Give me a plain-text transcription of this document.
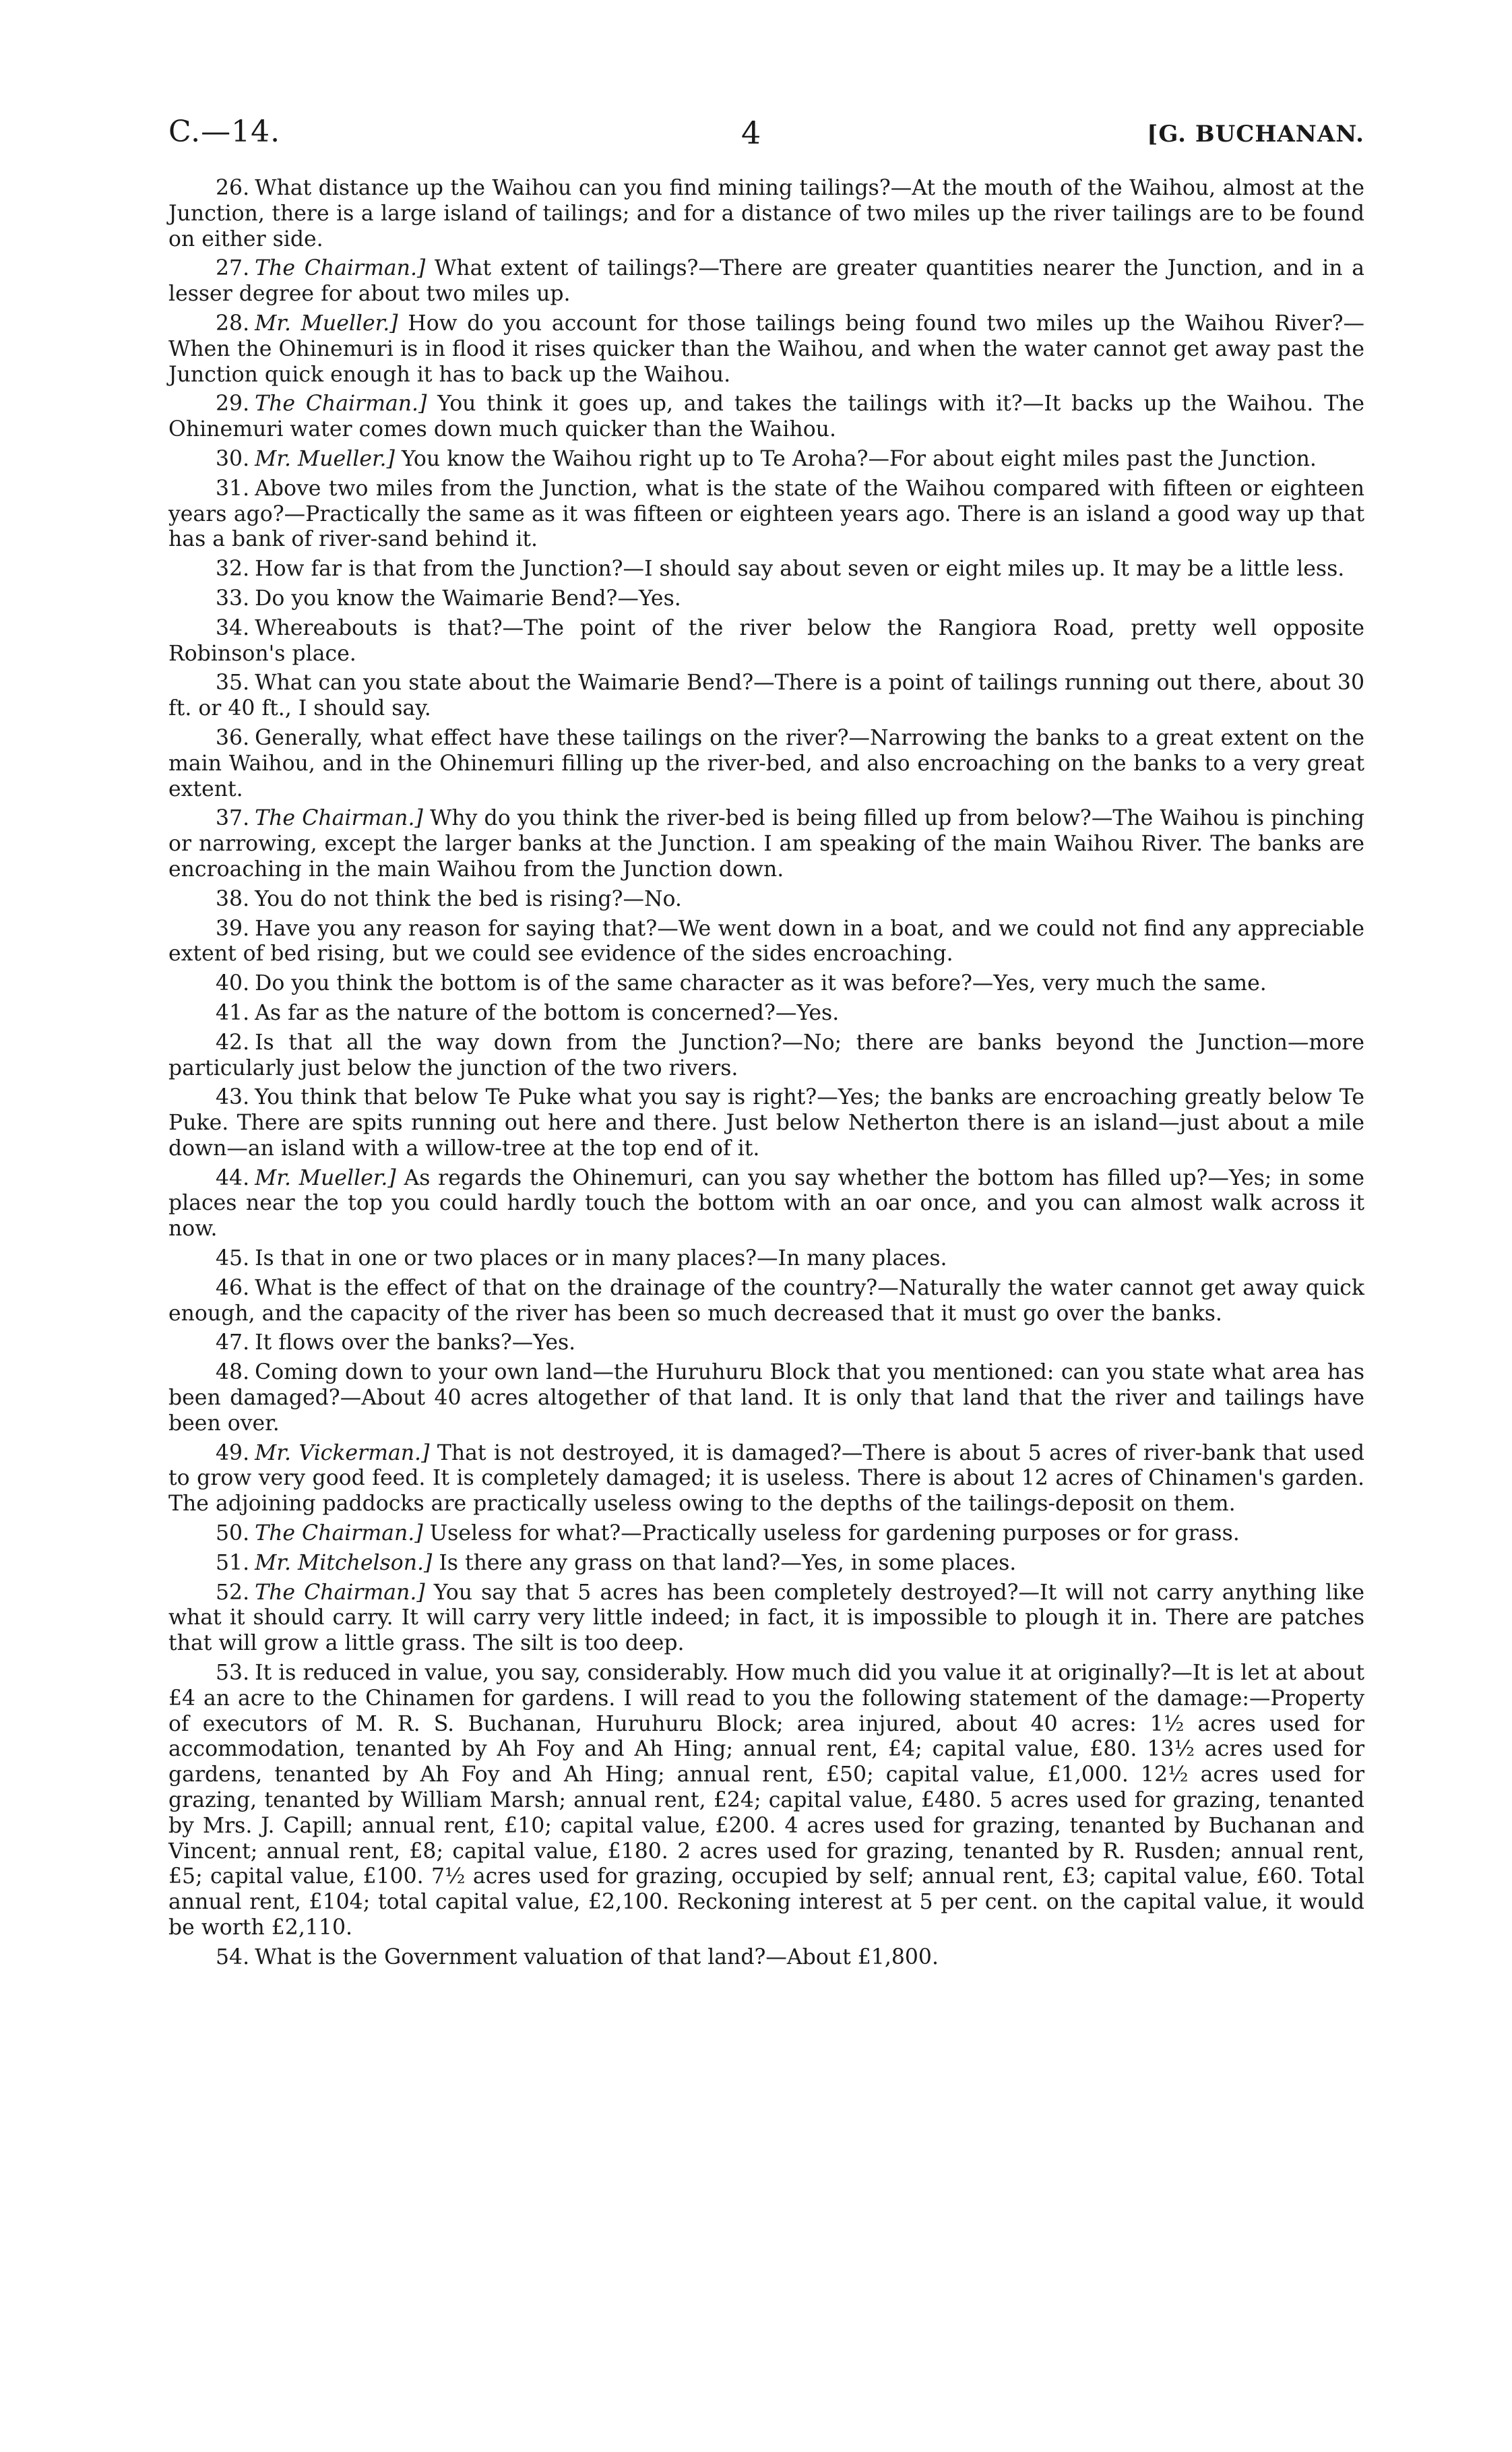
C.—14.	4	[G. BUCHANAN.

26. What distance up the Waihou can you find mining tailings?—At the mouth of the Waihou, almost at the Junction, there is a large island of tailings; and for a distance of two miles up the river tailings are to be found on either side.

27. The Chairman.] What extent of tailings?—There are greater quantities nearer the Junction, and in a lesser degree for about two miles up.

28. Mr. Mueller.] How do you account for those tailings being found two miles up the Waihou River?—When the Ohinemuri is in flood it rises quicker than the Waihou, and when the water cannot get away past the Junction quick enough it has to back up the Waihou.

29. The Chairman.] You think it goes up, and takes the tailings with it?—It backs up the Waihou. The Ohinemuri water comes down much quicker than the Waihou.

30. Mr. Mueller.] You know the Waihou right up to Te Aroha?—For about eight miles past the Junction.

31. Above two miles from the Junction, what is the state of the Waihou compared with fifteen or eighteen years ago?—Practically the same as it was fifteen or eighteen years ago. There is an island a good way up that has a bank of river-sand behind it.

32. How far is that from the Junction?—I should say about seven or eight miles up. It may be a little less.

33. Do you know the Waimarie Bend?—Yes.

34. Whereabouts is that?—The point of the river below the Rangiora Road, pretty well opposite Robinson's place.

35. What can you state about the Waimarie Bend?—There is a point of tailings running out there, about 30 ft. or 40 ft., I should say.

36. Generally, what effect have these tailings on the river?—Narrowing the banks to a great extent on the main Waihou, and in the Ohinemuri filling up the river-bed, and also encroaching on the banks to a very great extent.

37. The Chairman.] Why do you think the river-bed is being filled up from below?—The Waihou is pinching or narrowing, except the larger banks at the Junction. I am speaking of the main Waihou River. The banks are encroaching in the main Waihou from the Junction down.

38. You do not think the bed is rising?—No.

39. Have you any reason for saying that?—We went down in a boat, and we could not find any appreciable extent of bed rising, but we could see evidence of the sides encroaching.

40. Do you think the bottom is of the same character as it was before?—Yes, very much the same.

41. As far as the nature of the bottom is concerned?—Yes.

42. Is that all the way down from the Junction?—No; there are banks beyond the Junction—more particularly just below the junction of the two rivers.

43. You think that below Te Puke what you say is right?—Yes; the banks are encroaching greatly below Te Puke. There are spits running out here and there. Just below Netherton there is an island—just about a mile down—an island with a willow-tree at the top end of it.

44. Mr. Mueller.] As regards the Ohinemuri, can you say whether the bottom has filled up?—Yes; in some places near the top you could hardly touch the bottom with an oar once, and you can almost walk across it now.

45. Is that in one or two places or in many places?—In many places.

46. What is the effect of that on the drainage of the country?—Naturally the water cannot get away quick enough, and the capacity of the river has been so much decreased that it must go over the banks.

47. It flows over the banks?—Yes.

48. Coming down to your own land—the Huruhuru Block that you mentioned: can you state what area has been damaged?—About 40 acres altogether of that land. It is only that land that the river and tailings have been over.

49. Mr. Vickerman.] That is not destroyed, it is damaged?—There is about 5 acres of river-bank that used to grow very good feed. It is completely damaged; it is useless. There is about 12 acres of Chinamen's garden. The adjoining paddocks are practically useless owing to the depths of the tailings-deposit on them.

50. The Chairman.] Useless for what?—Practically useless for gardening purposes or for grass.

51. Mr. Mitchelson.] Is there any grass on that land?—Yes, in some places.

52. The Chairman.] You say that 5 acres has been completely destroyed?—It will not carry anything like what it should carry. It will carry very little indeed; in fact, it is impossible to plough it in. There are patches that will grow a little grass. The silt is too deep.

53. It is reduced in value, you say, considerably. How much did you value it at originally?—It is let at about £4 an acre to the Chinamen for gardens. I will read to you the following statement of the damage:—Property of executors of M. R. S. Buchanan, Huruhuru Block; area injured, about 40 acres: 1½ acres used for accommodation, tenanted by Ah Foy and Ah Hing; annual rent, £4; capital value, £80. 13½ acres used for gardens, tenanted by Ah Foy and Ah Hing; annual rent, £50; capital value, £1,000. 12½ acres used for grazing, tenanted by William Marsh; annual rent, £24; capital value, £480. 5 acres used for grazing, tenanted by Mrs. J. Capill; annual rent, £10; capital value, £200. 4 acres used for grazing, tenanted by Buchanan and Vincent; annual rent, £8; capital value, £180. 2 acres used for grazing, tenanted by R. Rusden; annual rent, £5; capital value, £100. 7½ acres used for grazing, occupied by self; annual rent, £3; capital value, £60. Total annual rent, £104; total capital value, £2,100. Reckoning interest at 5 per cent. on the capital value, it would be worth £2,110.

54. What is the Government valuation of that land?—About £1,800.
